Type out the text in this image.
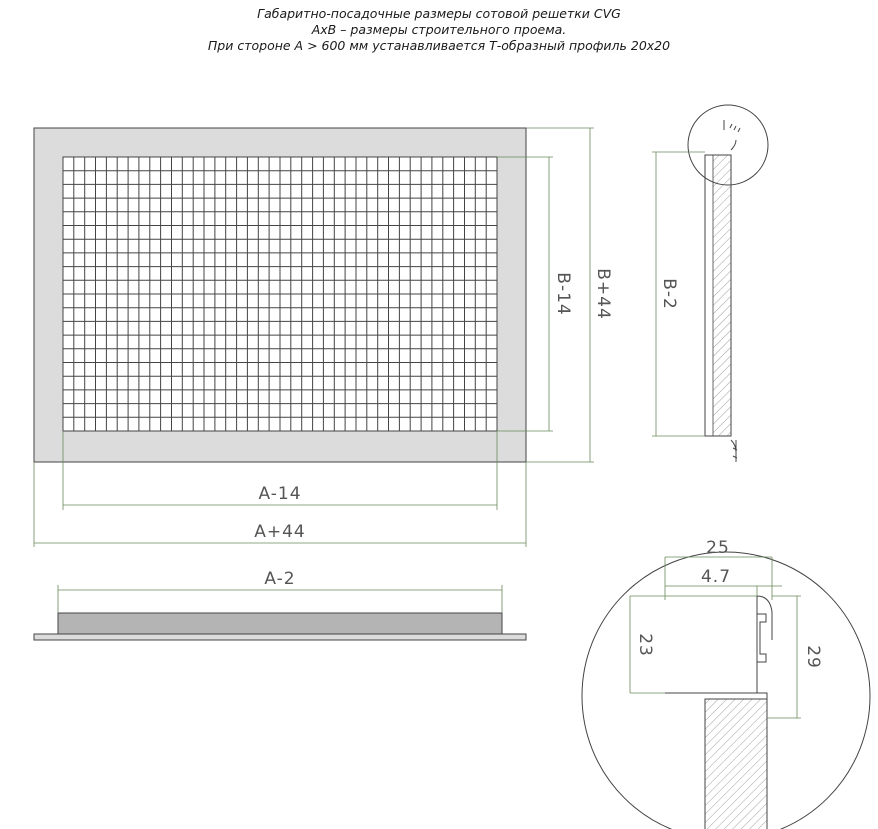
Габаритно-посадочные размеры сотовой решетки CVG
AxB – размеры строительного проема.
При стороне A > 600 мм устанавливается Т-образный профиль 20х20
A-14
A+44
B-14 B+44	B-2
A-2
25
4.7
23
29
